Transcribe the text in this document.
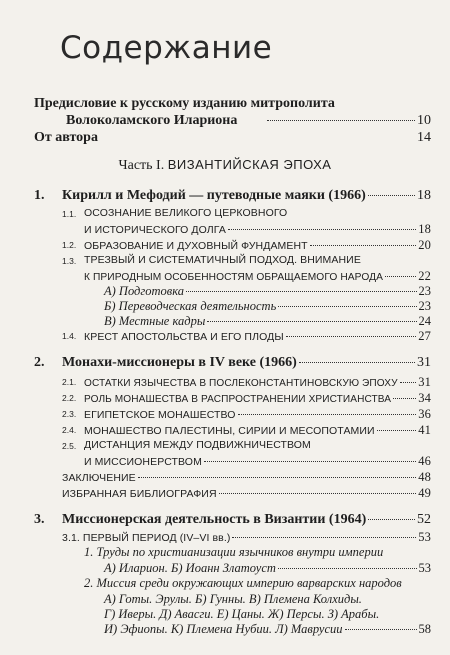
Содержание
Предисловие к русскому изданию митрополита
Волоколамского Илариона	10
От автора	14
Часть I. ВИЗАНТИЙСКАЯ ЭПОХА
1. Кирилл и Мефодий — путеводные маяки (1966)	18
1.1. ОСОЗНАНИЕ ВЕЛИКОГО ЦЕРКОВНОГО
И ИСТОРИЧЕСКОГО ДОЛГА	18
1.2. ОБРАЗОВАНИЕ И ДУХОВНЫЙ ФУНДАМЕНТ	20
1.3. ТРЕЗВЫЙ И СИСТЕМАТИЧНЫЙ ПОДХОД. ВНИМАНИЕ
К ПРИРОДНЫМ ОСОБЕННОСТЯМ ОБРАЩАЕМОГО НАРОДА	22
А) Подготовка	23
Б) Переводческая деятельность	23
В) Местные кадры	24
1.4. КРЕСТ АПОСТОЛЬСТВА И ЕГО ПЛОДЫ	27
2. Монахи-миссионеры в IV веке (1966)	31
2.1. ОСТАТКИ ЯЗЫЧЕСТВА В ПОСЛЕКОНСТАНТИНОВСКУЮ ЭПОХУ 31
2.2. РОЛЬ МОНАШЕСТВА В РАСПРОСТРАНЕНИИ ХРИСТИАНСТВА 34
2.3. ЕГИПЕТСКОЕ МОНАШЕСТВО	36
2.4. МОНАШЕСТВО ПАЛЕСТИНЫ, СИРИИ И МЕСОПОТАМИИ	41
2.5. ДИСТАНЦИЯ МЕЖДУ ПОДВИЖНИЧЕСТВОМ
И МИССИОНЕРСТВОМ	46
ЗАКЛЮЧЕНИЕ	48
ИЗБРАННАЯ БИБЛИОГРАФИЯ	49
3. Миссионерская деятельность в Византии (1964)	52
3.1. ПЕРВЫЙ ПЕРИОД (IV–VI вв.)	53
1. Труды по христианизации язычников внутри империи
А) Иларион. Б) Иоанн Златоуст	53
2. Миссия среди окружающих империю варварских народов
А) Готы. Эрулы. Б) Гунны. В) Племена Колхиды.
Г) Иверы. Д) Авасги. Е) Цаны. Ж) Персы. З) Арабы.
И) Эфиопы. К) Племена Нубии. Л) Маврусии	58
